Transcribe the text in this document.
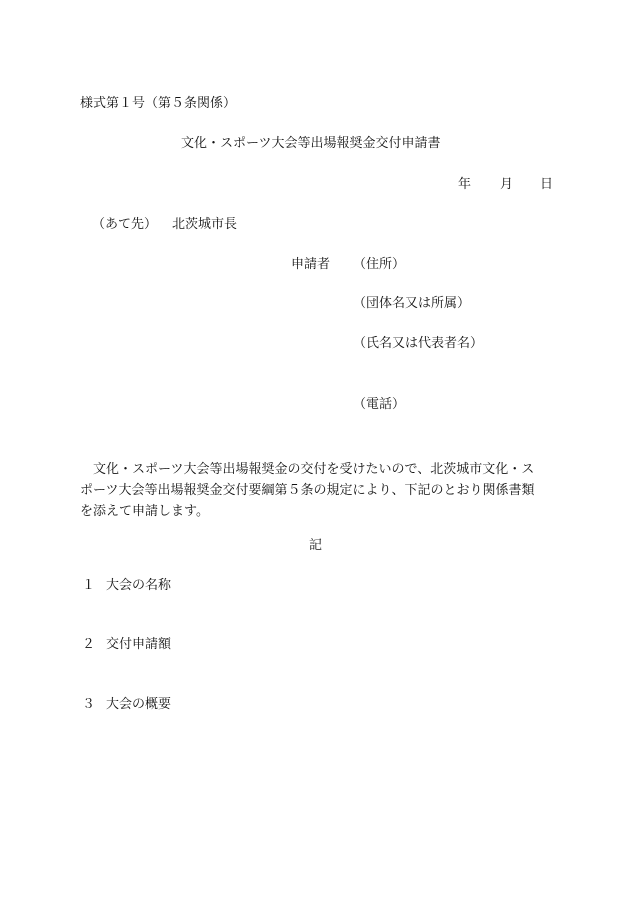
様式第１号（第５条関係）
文化・スポーツ大会等出場報奨金交付申請書
年 月 日
（あて先） 北茨城市長
申請者 （住所）
（団体名又は所属）
（氏名又は代表者名）
（電話）
文化・スポーツ大会等出場報奨金の交付を受けたいので、北茨城市文化・ス
ポーツ大会等出場報奨金交付要綱第５条の規定により、下記のとおり関係書類
を添えて申請します。
記
１ 大会の名称
２ 交付申請額
３ 大会の概要
